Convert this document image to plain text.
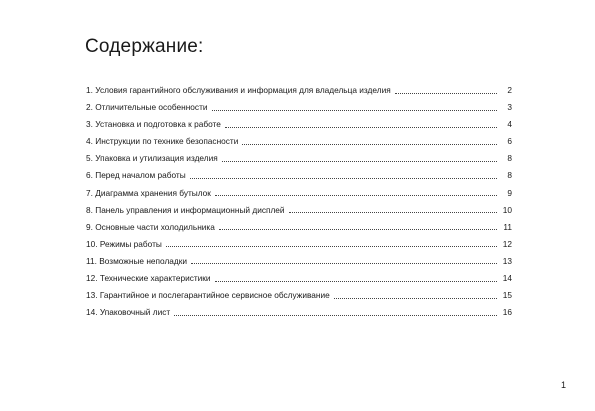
Содержание:
1. Условия гарантийного обслуживания и информация для владельца изделия	2
2. Отличительные особенности	3
3. Установка и подготовка к работе	4
4. Инструкции по технике безопасности	6
5. Упаковка и утилизация изделия	8
6. Перед началом работы	8
7. Диаграмма хранения бутылок	9
8. Панель управления и информационный дисплей	10
9. Основные части холодильника	11
10. Режимы работы	12
11. Возможные неполадки	13
12. Технические характеристики	14
13. Гарантийное и послегарантийное сервисное обслуживание	15
14. Упаковочный лист	16
1
